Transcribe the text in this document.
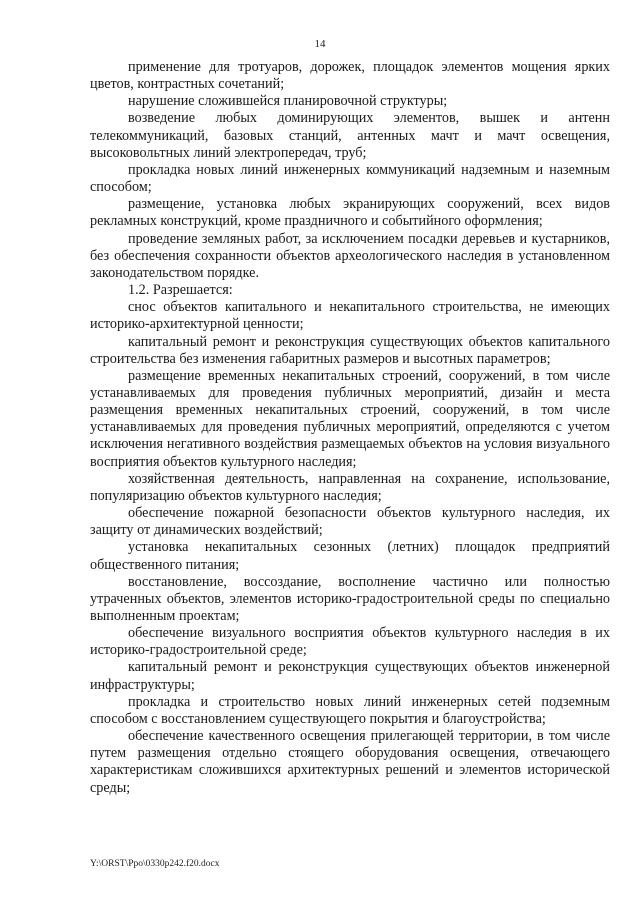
14

применение для тротуаров, дорожек, площадок элементов мощения ярких цветов, контрастных сочетаний;

нарушение сложившейся планировочной структуры;

возведение любых доминирующих элементов, вышек и антенн телекоммуникаций, базовых станций, антенных мачт и мачт освещения, высоковольтных линий электропередач, труб;

прокладка новых линий инженерных коммуникаций надземным и наземным способом;

размещение, установка любых экранирующих сооружений, всех видов рекламных конструкций, кроме праздничного и событийного оформления;

проведение земляных работ, за исключением посадки деревьев и кустарников, без обеспечения сохранности объектов археологического наследия в установленном законодательством порядке.

1.2. Разрешается:

снос объектов капитального и некапитального строительства, не имеющих историко-архитектурной ценности;

капитальный ремонт и реконструкция существующих объектов капитального строительства без изменения габаритных размеров и высотных параметров;

размещение временных некапитальных строений, сооружений, в том числе устанавливаемых для проведения публичных мероприятий, дизайн и места размещения временных некапитальных строений, сооружений, в том числе устанавливаемых для проведения публичных мероприятий, определяются с учетом исключения негативного воздействия размещаемых объектов на условия визуального восприятия объектов культурного наследия;

хозяйственная деятельность, направленная на сохранение, использование, популяризацию объектов культурного наследия;

обеспечение пожарной безопасности объектов культурного наследия, их защиту от динамических воздействий;

установка некапитальных сезонных (летних) площадок предприятий общественного питания;

восстановление, воссоздание, восполнение частично или полностью утраченных объектов, элементов историко-градостроительной среды по специально выполненным проектам;

обеспечение визуального восприятия объектов культурного наследия в их историко-градостроительной среде;

капитальный ремонт и реконструкция существующих объектов инженерной инфраструктуры;

прокладка и строительство новых линий инженерных сетей подземным способом с восстановлением существующего покрытия и благоустройства;

обеспечение качественного освещения прилегающей территории, в том числе путем размещения отдельно стоящего оборудования освещения, отвечающего характеристикам сложившихся архитектурных решений и элементов исторической среды;

Y:\ORST\Ppo\0330p242.f20.docx
